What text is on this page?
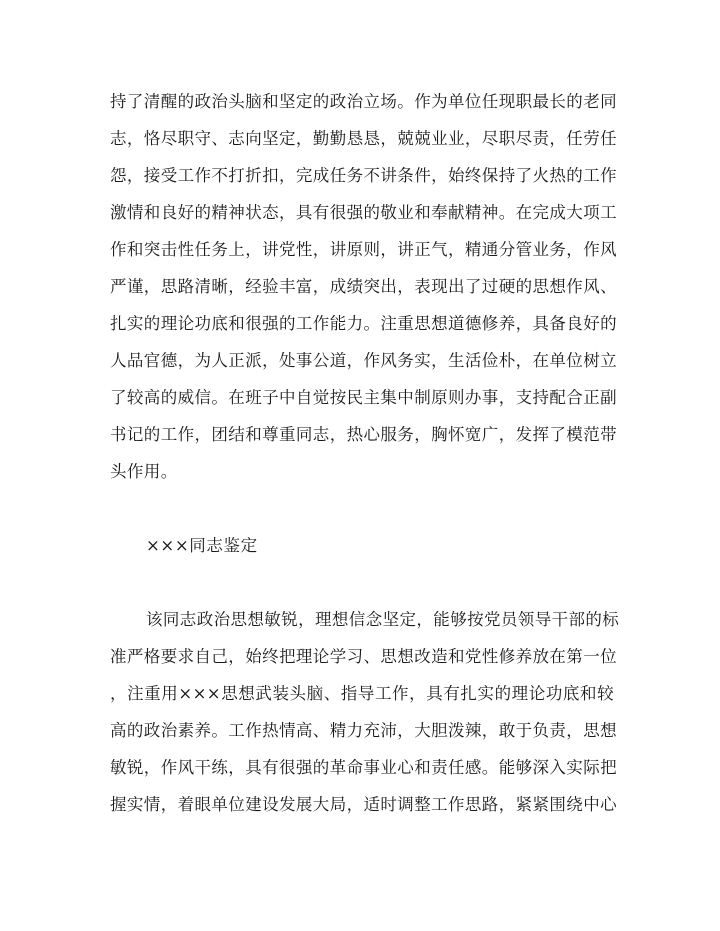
持了清醒的政治头脑和坚定的政治立场。作为单位任现职最长的老同
志，恪尽职守、志向坚定，勤勤恳恳，兢兢业业，尽职尽责，任劳任
怨，接受工作不打折扣，完成任务不讲条件，始终保持了火热的工作
激情和良好的精神状态，具有很强的敬业和奉献精神。在完成大项工
作和突击性任务上，讲党性，讲原则，讲正气，精通分管业务，作风
严谨，思路清晰，经验丰富，成绩突出，表现出了过硬的思想作风、
扎实的理论功底和很强的工作能力。注重思想道德修养，具备良好的
人品官德，为人正派，处事公道，作风务实，生活俭朴，在单位树立
了较高的威信。在班子中自觉按民主集中制原则办事，支持配合正副
书记的工作，团结和尊重同志，热心服务，胸怀宽广，发挥了模范带
头作用。
×××同志鉴定
该同志政治思想敏锐，理想信念坚定，能够按党员领导干部的标
准严格要求自己，始终把理论学习、思想改造和党性修养放在第一位
，注重用×××思想武装头脑、指导工作，具有扎实的理论功底和较
高的政治素养。工作热情高、精力充沛，大胆泼辣，敢于负责，思想
敏锐，作风干练，具有很强的革命事业心和责任感。能够深入实际把
握实情，着眼单位建设发展大局，适时调整工作思路，紧紧围绕中心
